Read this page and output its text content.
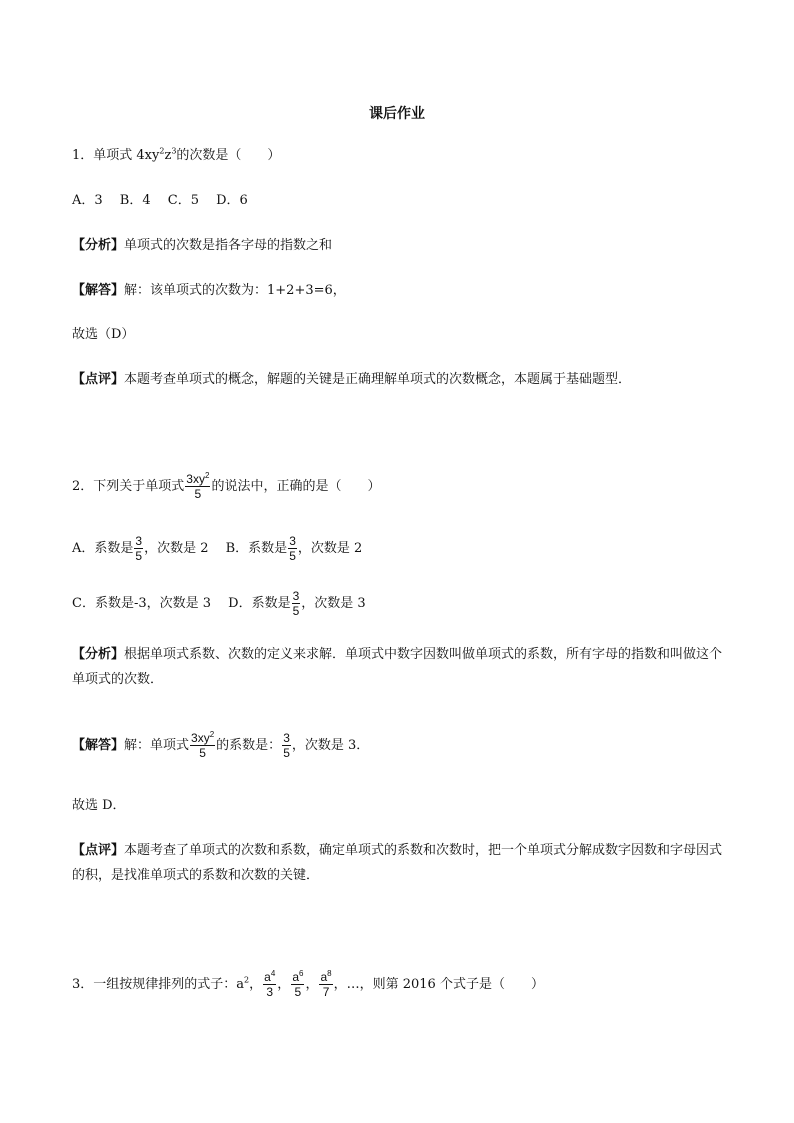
课后作业
1．单项式 $4xy^2z^3$的次数是（　　）
A．3　 B．4　 C．5　 D．6
【分析】单项式的次数是指各字母的指数之和
【解答】解：该单项式的次数为：1+2+3=6，
故选（D）
【点评】本题考查单项式的概念，解题的关键是正确理解单项式的次数概念，本题属于基础题型．
2．下列关于单项式 $\frac{3xy^2}{5}$ 的说法中，正确的是（　　）
A．系数是 $\frac{3}{5}$ ，次数是 2　 B．系数是 $\frac{3}{5}$ ，次数是 2
C．系数是-3，次数是 3　 D．系数是 $\frac{3}{5}$ ，次数是 3
【分析】根据单项式系数、次数的定义来求解．单项式中数字因数叫做单项式的系数，所有字母的指数和叫做这个单项式的次数．
【解答】解：单项式 $\frac{3xy^2}{5}$ 的系数是： $\frac{3}{5}$ ，次数是 3．
故选 D．
【点评】本题考查了单项式的次数和系数，确定单项式的系数和次数时，把一个单项式分解成数字因数和字母因式的积，是找准单项式的系数和次数的关键．
3．一组按规律排列的式子：$a^2$， $\frac{a^4}{3}$ ， $\frac{a^6}{5}$ ， $\frac{a^8}{7}$ ，…，则第 2016 个式子是（　　）
